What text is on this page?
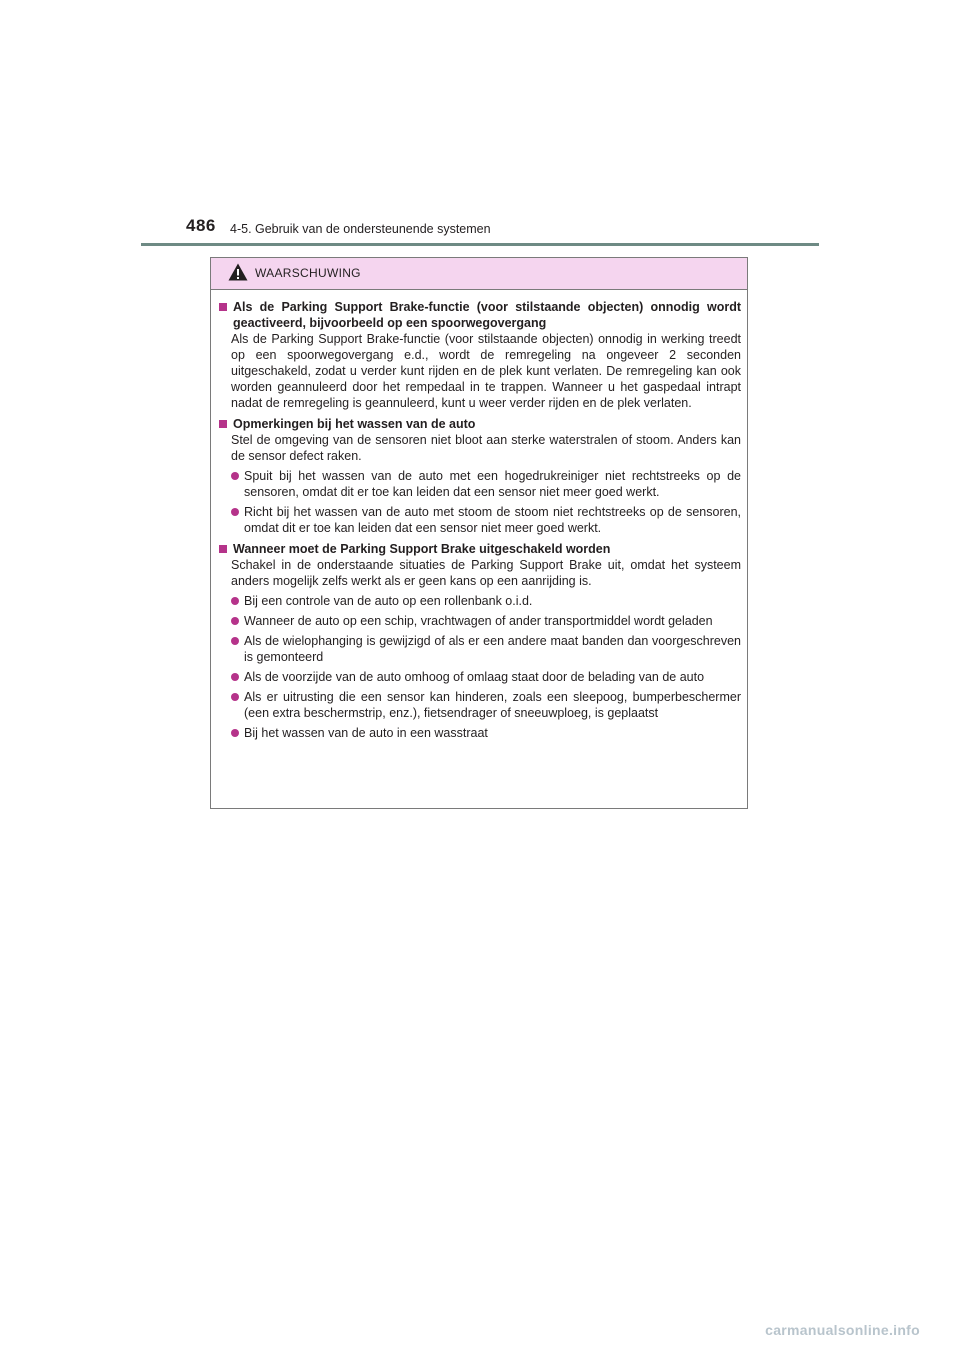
486 4-5. Gebruik van de ondersteunende systemen
WAARSCHUWING
Als de Parking Support Brake-functie (voor stilstaande objecten) onnodig wordt geactiveerd, bijvoorbeeld op een spoorwegovergang
Als de Parking Support Brake-functie (voor stilstaande objecten) onnodig in werking treedt op een spoorwegovergang e.d., wordt de remregeling na ongeveer 2 seconden uitgeschakeld, zodat u verder kunt rijden en de plek kunt verlaten. De remregeling kan ook worden geannuleerd door het rempedaal in te trappen. Wanneer u het gaspedaal intrapt nadat de remregeling is geannuleerd, kunt u weer verder rijden en de plek verlaten.
Opmerkingen bij het wassen van de auto
Stel de omgeving van de sensoren niet bloot aan sterke waterstralen of stoom. Anders kan de sensor defect raken.
Spuit bij het wassen van de auto met een hogedrukreiniger niet rechtstreeks op de sensoren, omdat dit er toe kan leiden dat een sensor niet meer goed werkt.
Richt bij het wassen van de auto met stoom de stoom niet rechtstreeks op de sensoren, omdat dit er toe kan leiden dat een sensor niet meer goed werkt.
Wanneer moet de Parking Support Brake uitgeschakeld worden
Schakel in de onderstaande situaties de Parking Support Brake uit, omdat het systeem anders mogelijk zelfs werkt als er geen kans op een aanrijding is.
Bij een controle van de auto op een rollenbank o.i.d.
Wanneer de auto op een schip, vrachtwagen of ander transportmiddel wordt geladen
Als de wielophanging is gewijzigd of als er een andere maat banden dan voorgeschreven is gemonteerd
Als de voorzijde van de auto omhoog of omlaag staat door de belading van de auto
Als er uitrusting die een sensor kan hinderen, zoals een sleepoog, bumperbeschermer (een extra beschermstrip, enz.), fietsendrager of sneeuwploeg, is geplaatst
Bij het wassen van de auto in een wasstraat
carmanualsonline.info
